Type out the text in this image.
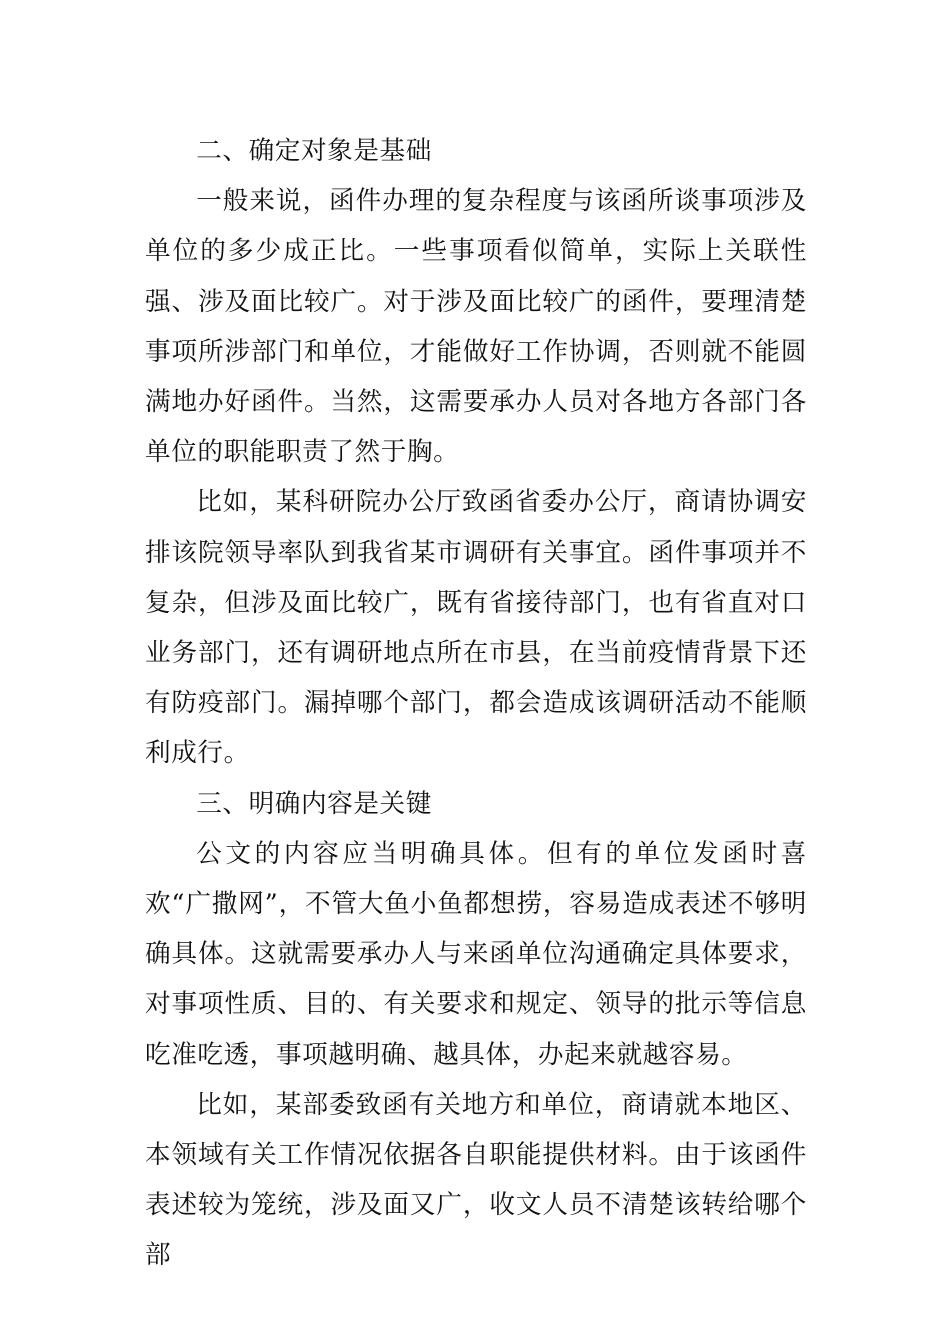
二、确定对象是基础

一般来说，函件办理的复杂程度与该函所谈事项涉及单位的多少成正比。一些事项看似简单，实际上关联性强、涉及面比较广。对于涉及面比较广的函件，要理清楚事项所涉部门和单位，才能做好工作协调，否则就不能圆满地办好函件。当然，这需要承办人员对各地方各部门各单位的职能职责了然于胸。

比如，某科研院办公厅致函省委办公厅，商请协调安排该院领导率队到我省某市调研有关事宜。函件事项并不复杂，但涉及面比较广，既有省接待部门，也有省直对口业务部门，还有调研地点所在市县，在当前疫情背景下还有防疫部门。漏掉哪个部门，都会造成该调研活动不能顺利成行。

三、明确内容是关键

公文的内容应当明确具体。但有的单位发函时喜欢“广撒网”，不管大鱼小鱼都想捞，容易造成表述不够明确具体。这就需要承办人与来函单位沟通确定具体要求，对事项性质、目的、有关要求和规定、领导的批示等信息吃准吃透，事项越明确、越具体，办起来就越容易。

比如，某部委致函有关地方和单位，商请就本地区、本领域有关工作情况依据各自职能提供材料。由于该函件表述较为笼统，涉及面又广，收文人员不清楚该转给哪个部
